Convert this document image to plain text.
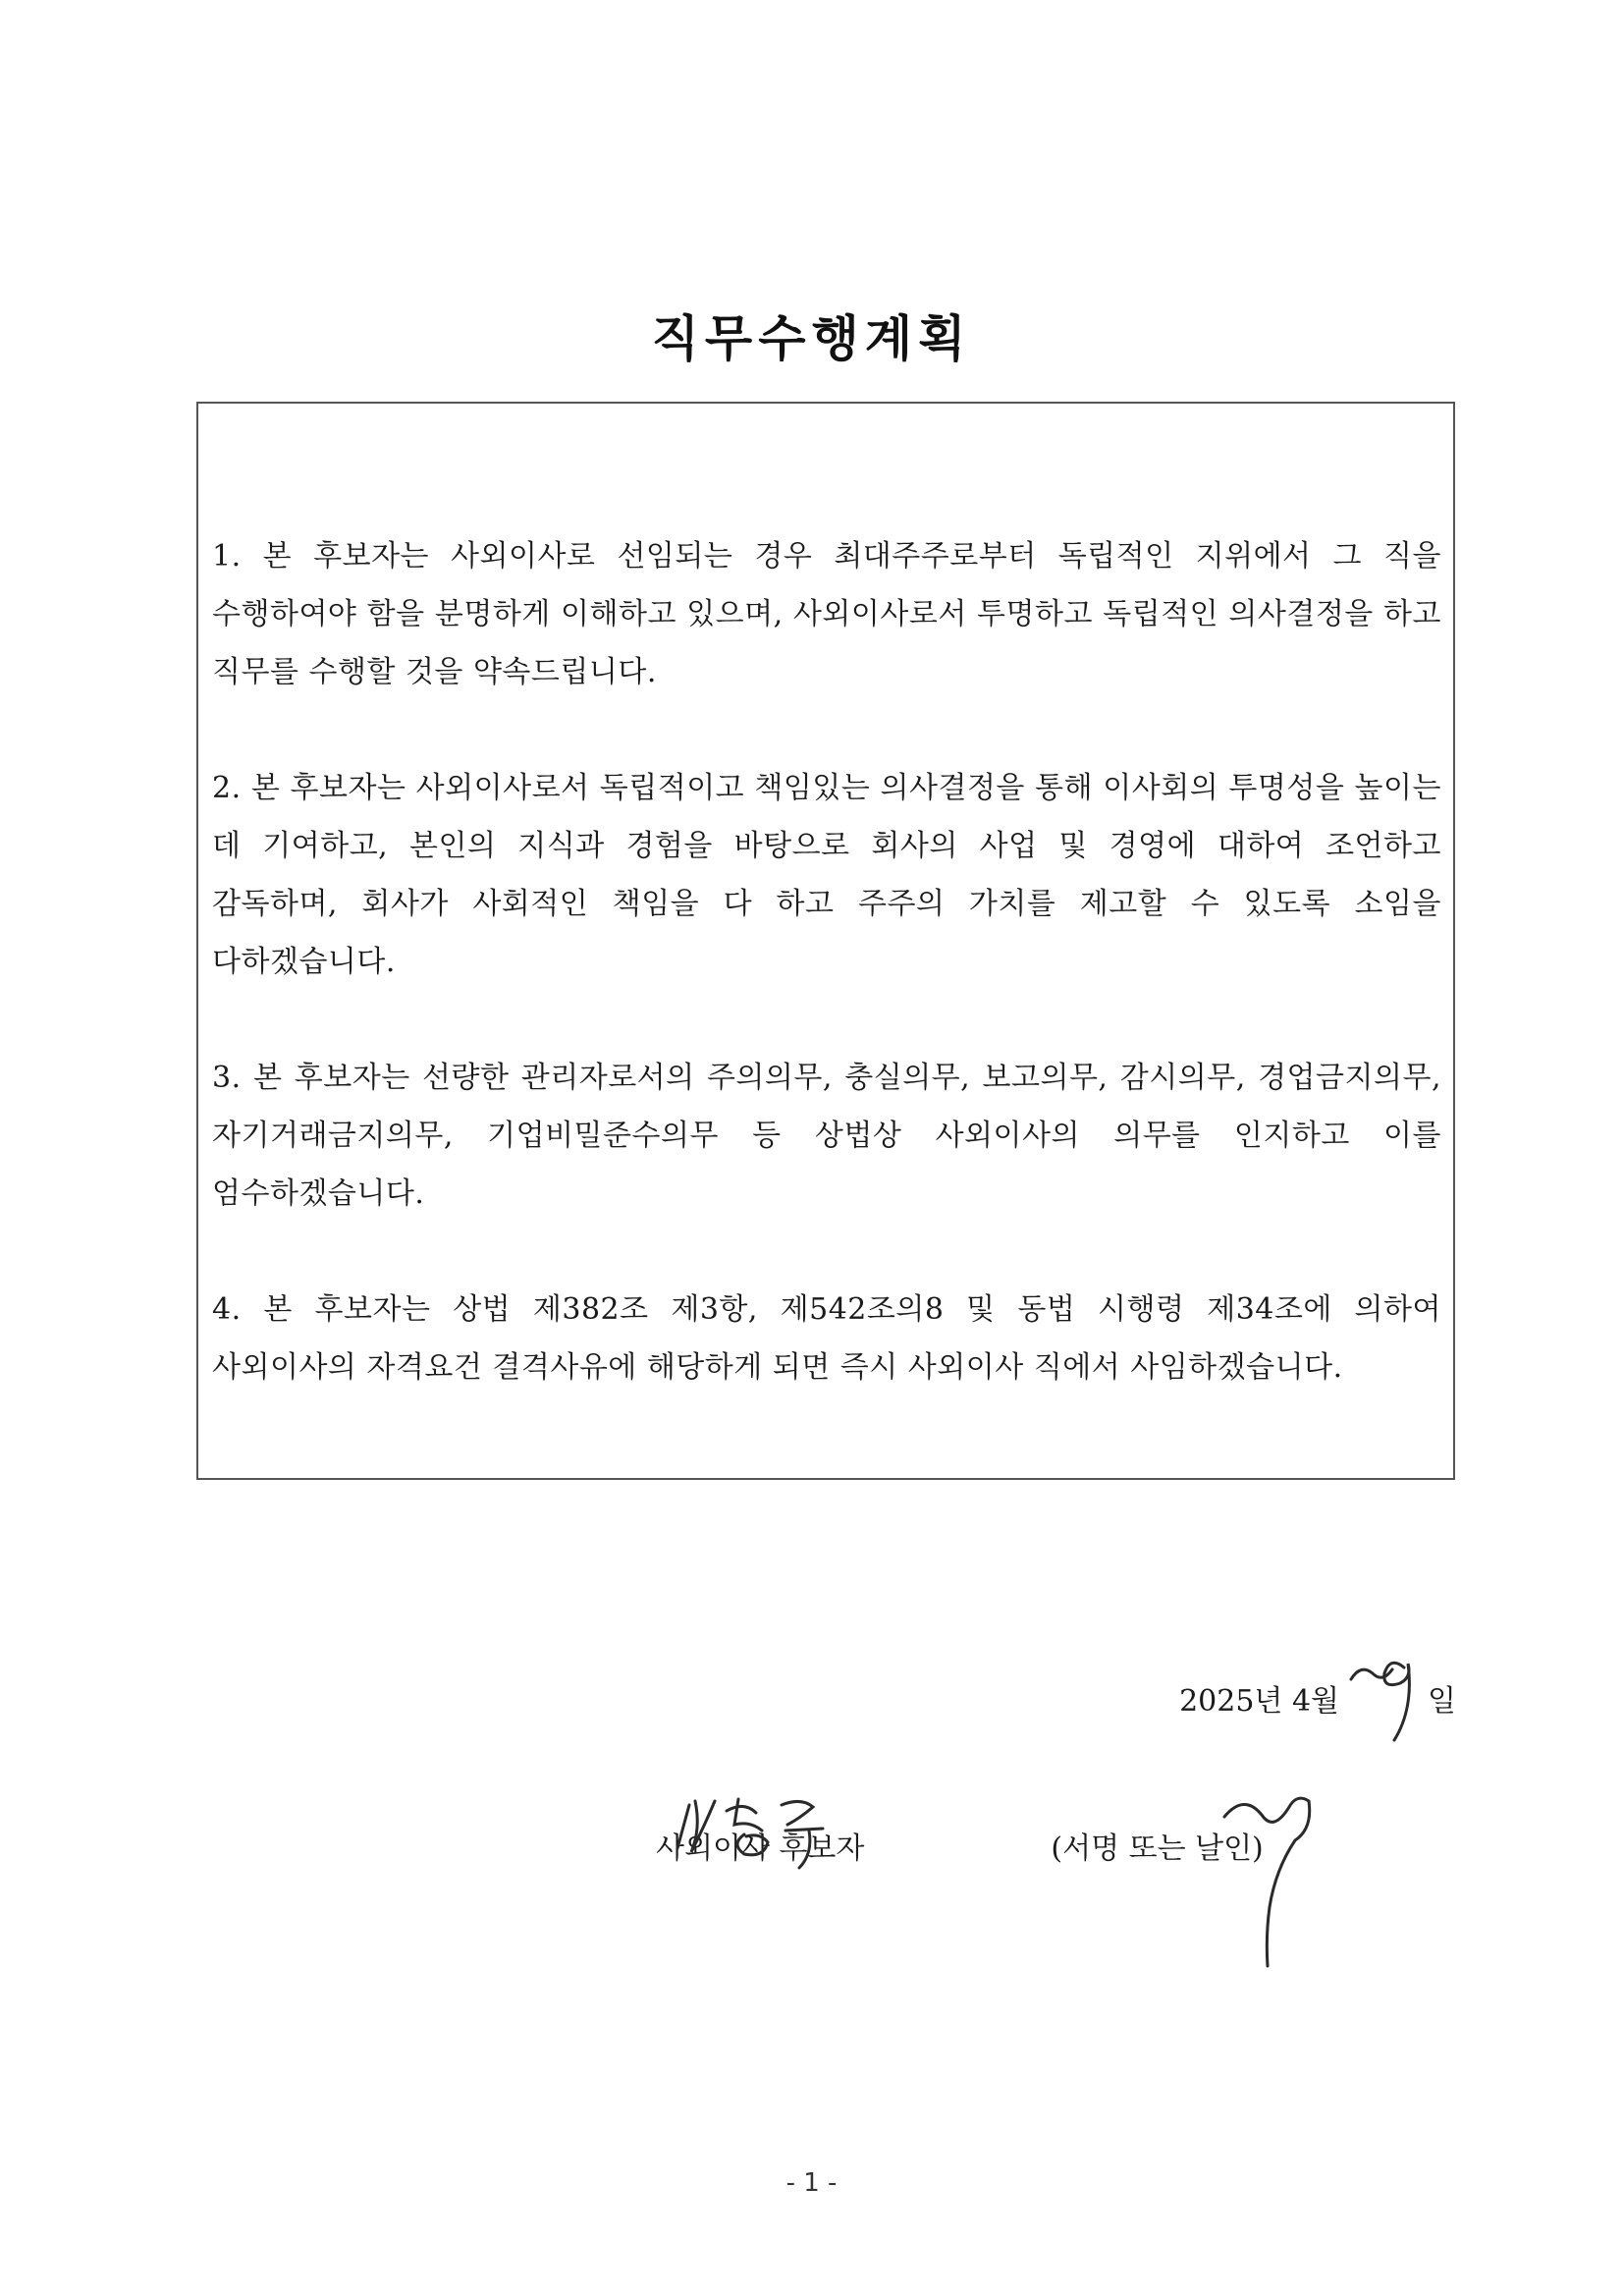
직무수행계획

1. 본 후보자는 사외이사로 선임되는 경우 최대주주로부터 독립적인 지위에서 그 직을 수행하여야 함을 분명하게 이해하고 있으며, 사외이사로서 투명하고 독립적인 의사결정을 하고 직무를 수행할 것을 약속드립니다.

2. 본 후보자는 사외이사로서 독립적이고 책임있는 의사결정을 통해 이사회의 투명성을 높이는 데 기여하고, 본인의 지식과 경험을 바탕으로 회사의 사업 및 경영에 대하여 조언하고 감독하며, 회사가 사회적인 책임을 다 하고 주주의 가치를 제고할 수 있도록 소임을 다하겠습니다.

3. 본 후보자는 선량한 관리자로서의 주의의무, 충실의무, 보고의무, 감시의무, 경업금지의무, 자기거래금지의무, 기업비밀준수의무 등 상법상 사외이사의 의무를 인지하고 이를 엄수하겠습니다.

4. 본 후보자는 상법 제382조 제3항, 제542조의8 및 동법 시행령 제34조에 의하여 사외이사의 자격요건 결격사유에 해당하게 되면 즉시 사외이사 직에서 사임하겠습니다.

2025년 4월	일
사외이사 후보자	(서명 또는 날인)
- 1 -
